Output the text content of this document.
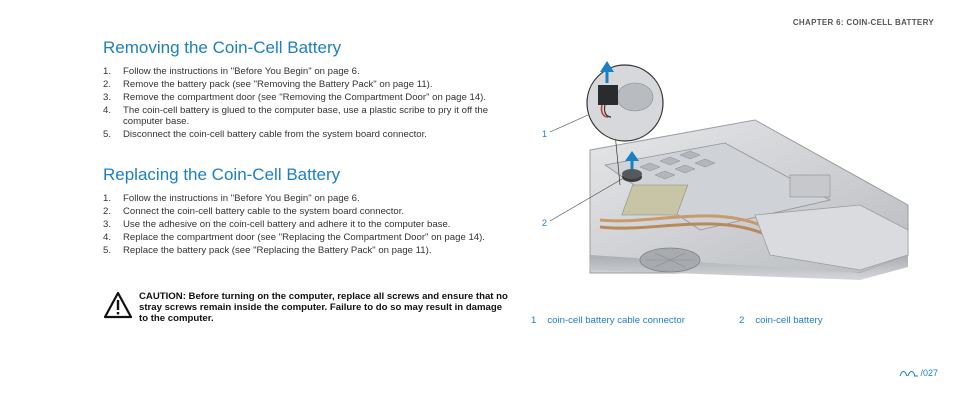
CHAPTER 6: COIN-CELL BATTERY
Removing the Coin-Cell Battery
1.	Follow the instructions in "Before You Begin" on page 6.
2.	Remove the battery pack (see "Removing the Battery Pack" on page 11).
3.	Remove the compartment door (see "Removing the Compartment Door" on page 14).
4.	The coin-cell battery is glued to the computer base, use a plastic scribe to pry it off the computer base.
5.	Disconnect the coin-cell battery cable from the system board connector.
Replacing the Coin-Cell Battery
1.	Follow the instructions in "Before You Begin" on page 6.
2.	Connect the coin-cell battery cable to the system board connector.
3.	Use the adhesive on the coin-cell battery and adhere it to the computer base.
4.	Replace the compartment door (see "Replacing the Compartment Door" on page 14).
5.	Replace the battery pack (see "Replacing the Battery Pack" on page 11).
CAUTION: Before turning on the computer, replace all screws and ensure that no stray screws remain inside the computer. Failure to do so may result in damage to the computer.
1
2
1 coin-cell battery cable connector	2 coin-cell battery
/ 027
